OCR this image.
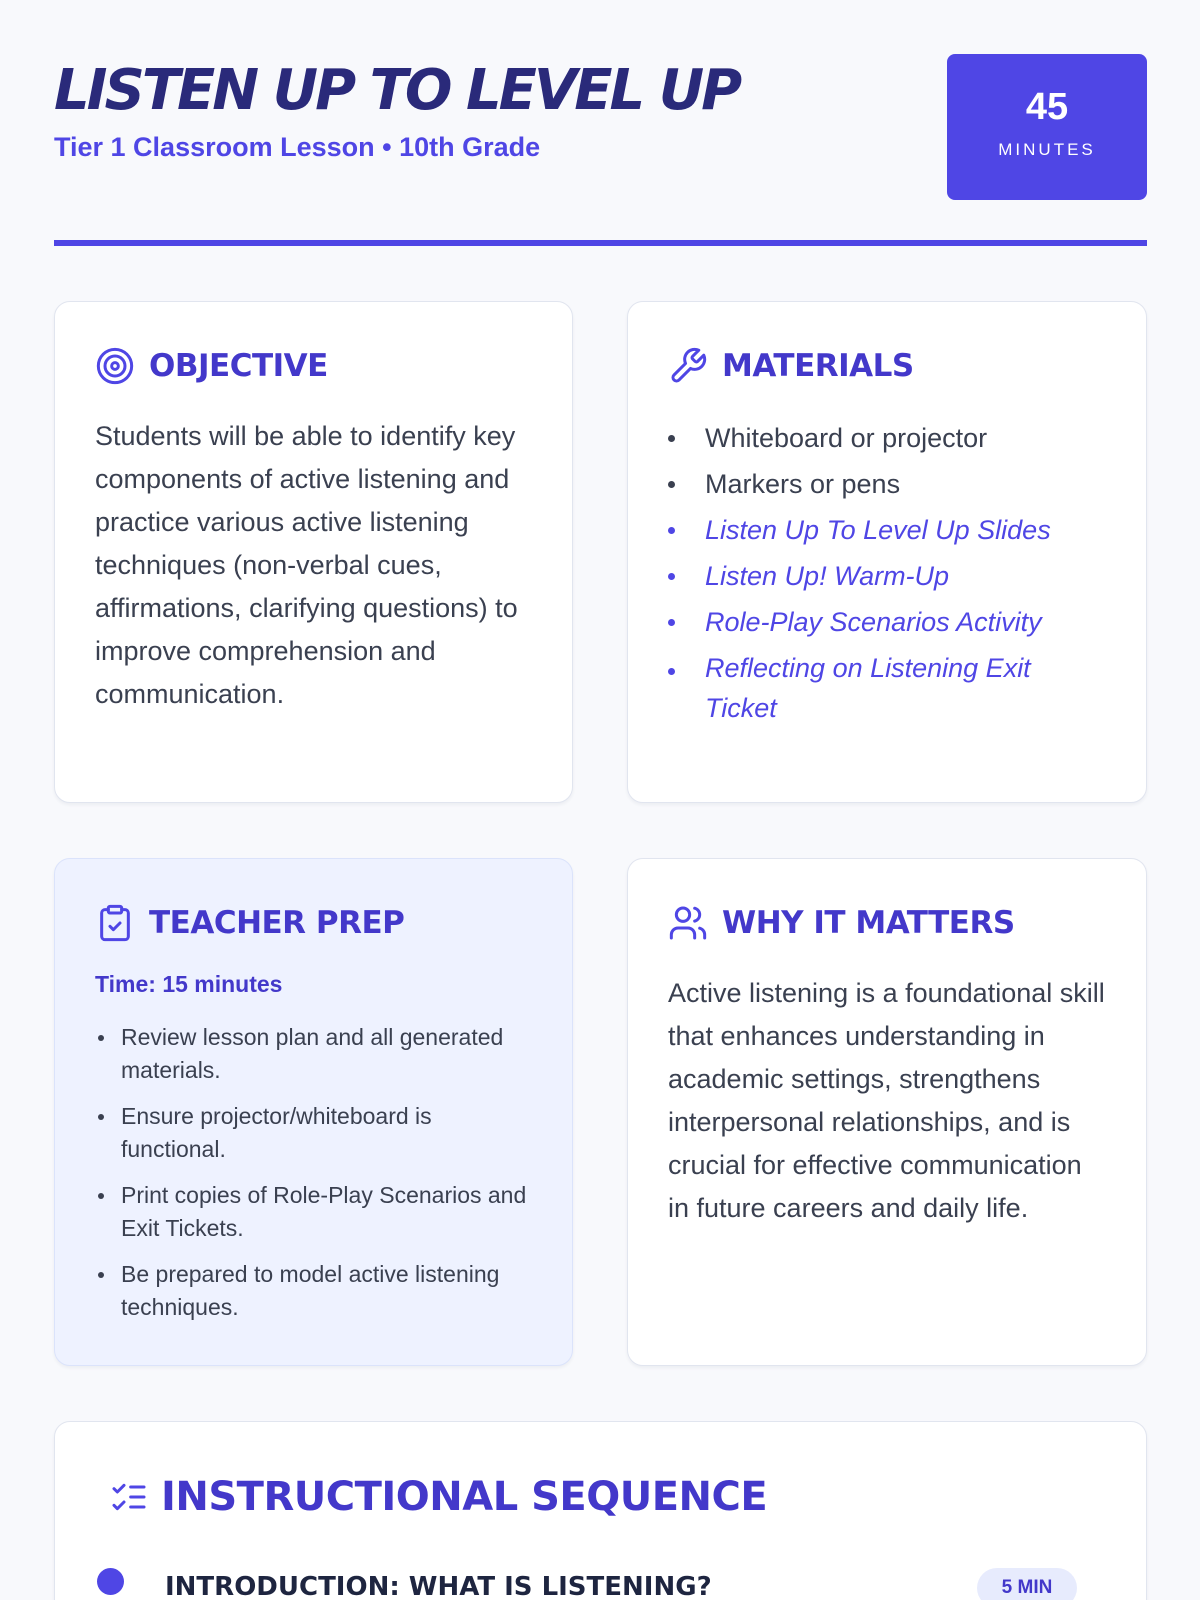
LISTEN UP TO LEVEL UP
Tier 1 Classroom Lesson • 10th Grade
45
MINUTES
OBJECTIVE
Students will be able to identify key components of active listening and practice various active listening techniques (non-verbal cues, affirmations, clarifying questions) to improve comprehension and communication.
MATERIALS
Whiteboard or projector
Markers or pens
Listen Up To Level Up Slides
Listen Up! Warm-Up
Role-Play Scenarios Activity
Reflecting on Listening Exit Ticket
TEACHER PREP
Time: 15 minutes
Review lesson plan and all generated materials.
Ensure projector/whiteboard is functional.
Print copies of Role-Play Scenarios and Exit Tickets.
Be prepared to model active listening techniques.
WHY IT MATTERS
Active listening is a foundational skill that enhances understanding in academic settings, strengthens interpersonal relationships, and is crucial for effective communication in future careers and daily life.
INSTRUCTIONAL SEQUENCE
INTRODUCTION: WHAT IS LISTENING?	5 MIN
